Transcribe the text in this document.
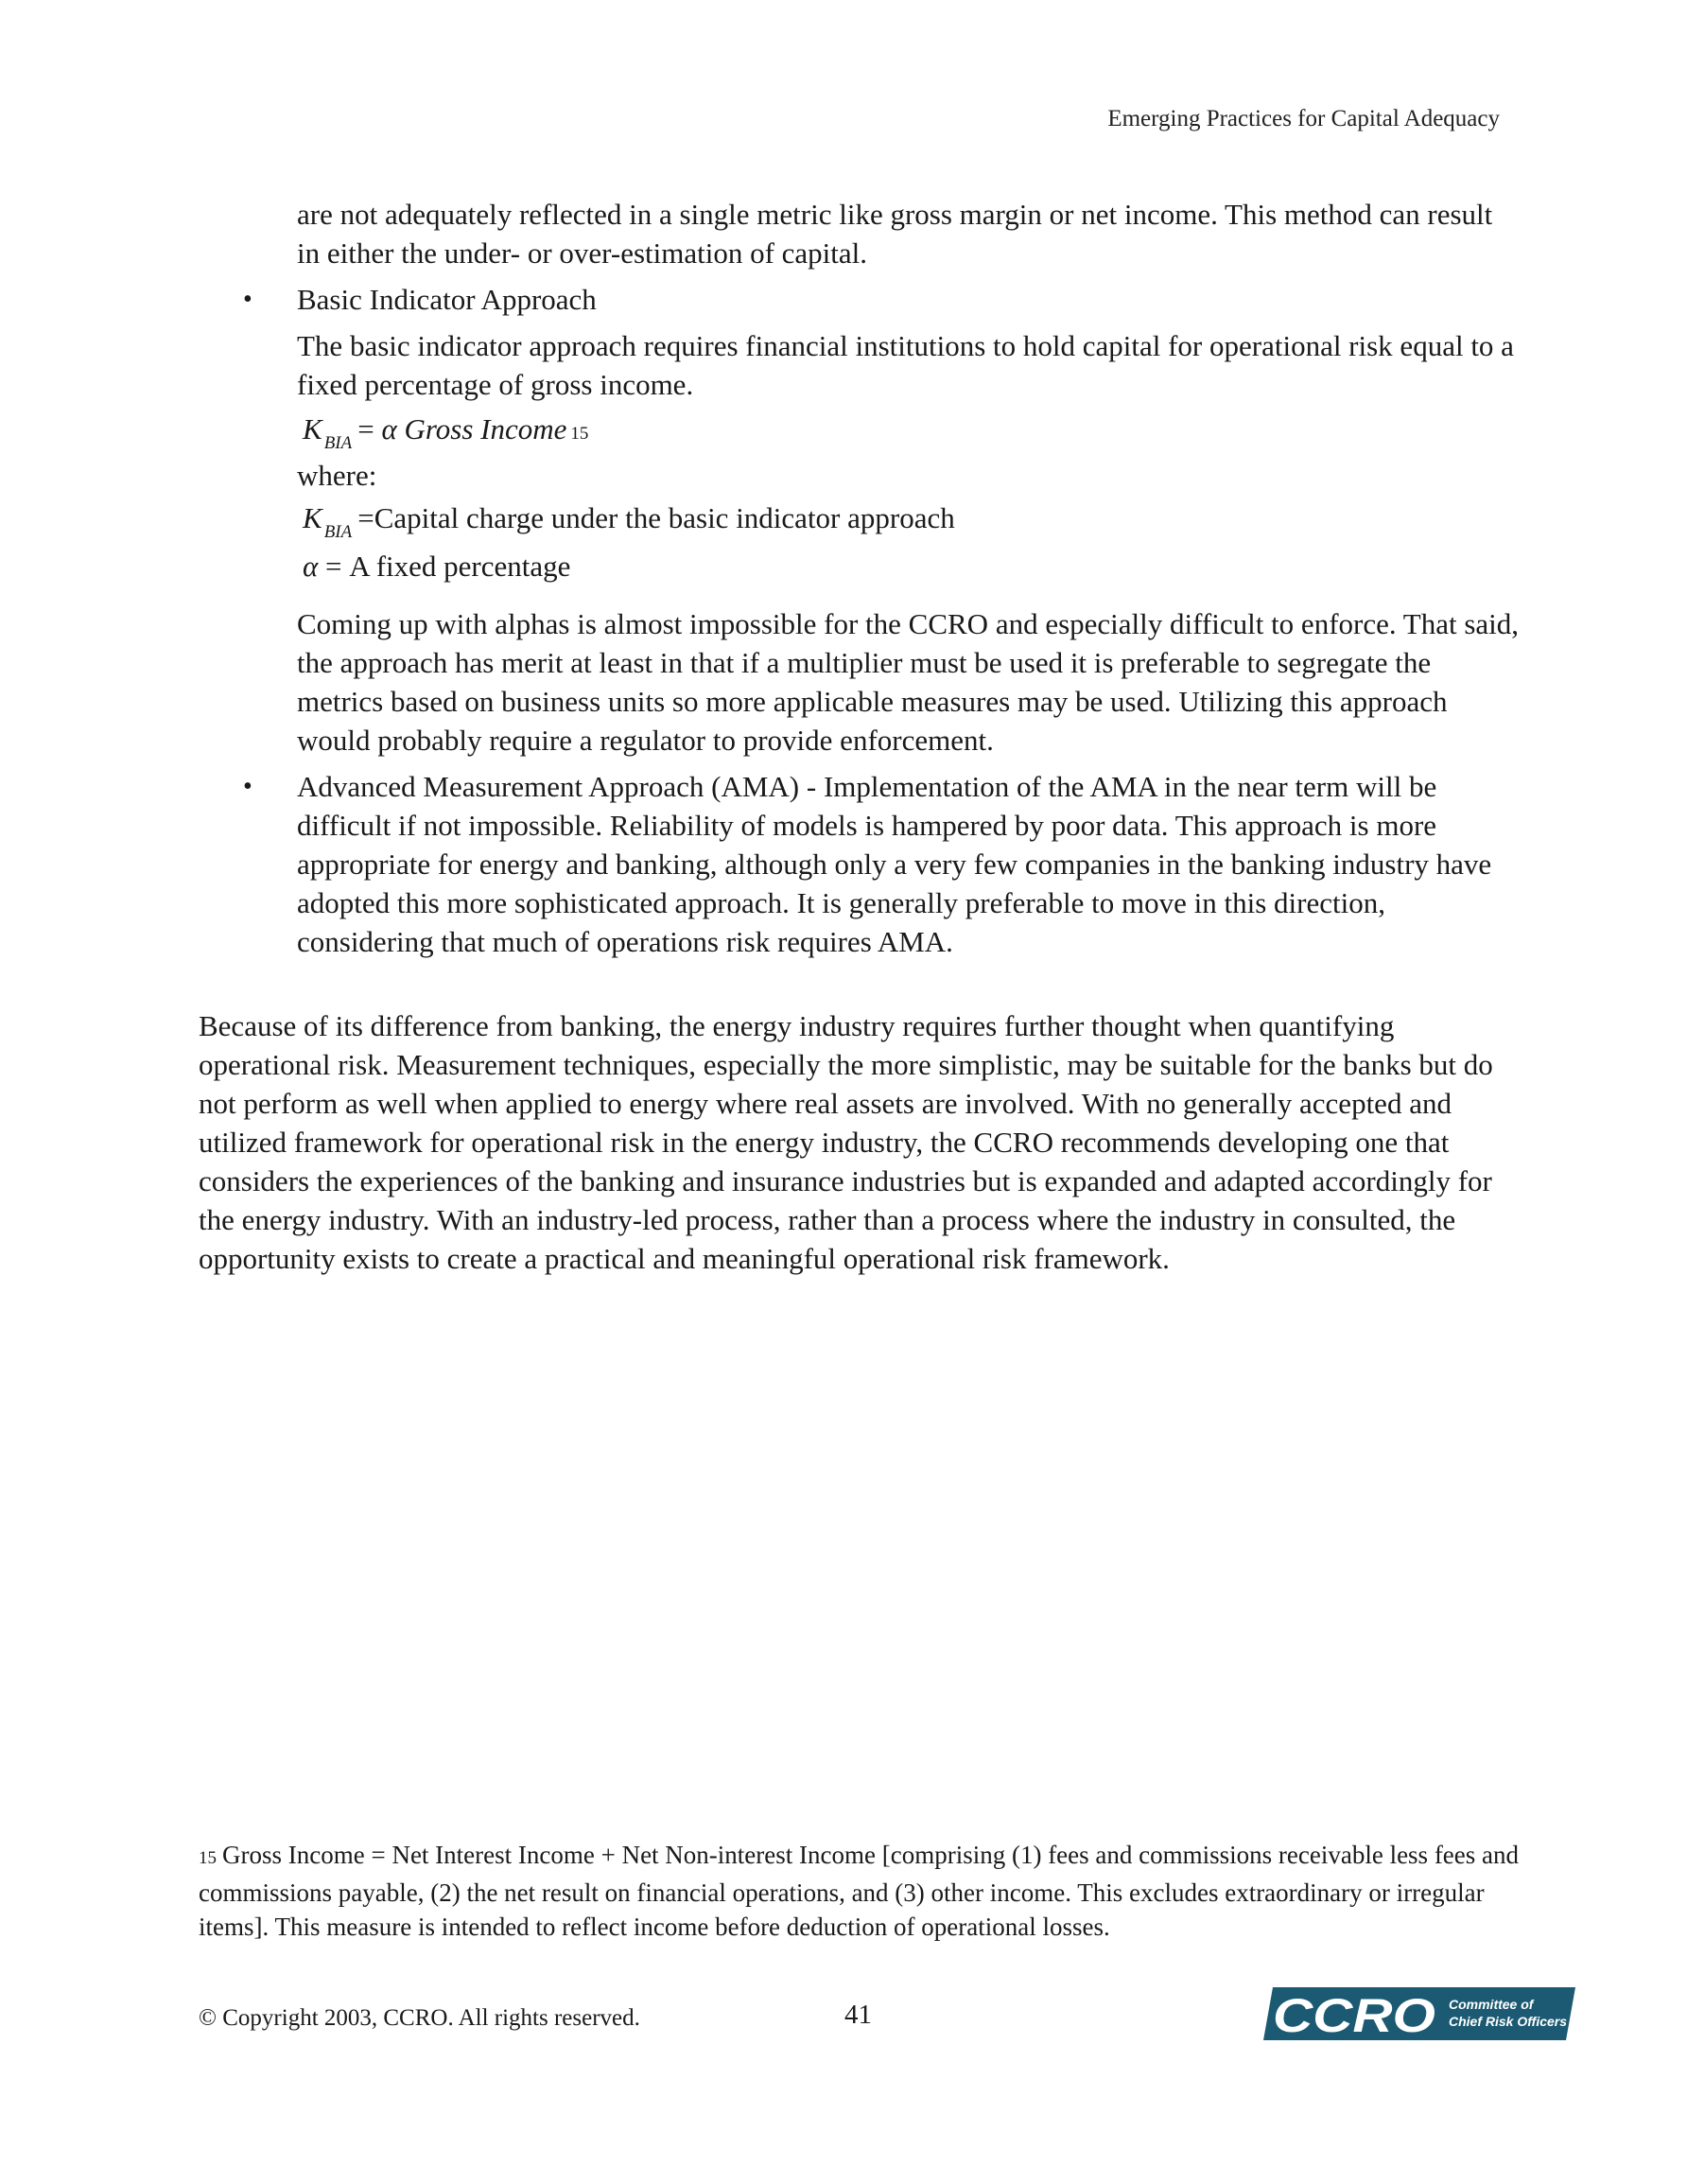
Emerging Practices for Capital Adequacy

are not adequately reflected in a single metric like gross margin or net income. This method can result in either the under- or over-estimation of capital.

• Basic Indicator Approach

The basic indicator approach requires financial institutions to hold capital for operational risk equal to a fixed percentage of gross income.

K $_{BIA}$ = α Gross Income 15

where:

K $_{BIA}$ =Capital charge under the basic indicator approach
α = A fixed percentage

Coming up with alphas is almost impossible for the CCRO and especially difficult to enforce. That said, the approach has merit at least in that if a multiplier must be used it is preferable to segregate the metrics based on business units so more applicable measures may be used. Utilizing this approach would probably require a regulator to provide enforcement.

• Advanced Measurement Approach (AMA) - Implementation of the AMA in the near term will be difficult if not impossible. Reliability of models is hampered by poor data. This approach is more appropriate for energy and banking, although only a very few companies in the banking industry have adopted this more sophisticated approach. It is generally preferable to move in this direction, considering that much of operations risk requires AMA.

Because of its difference from banking, the energy industry requires further thought when quantifying operational risk. Measurement techniques, especially the more simplistic, may be suitable for the banks but do not perform as well when applied to energy where real assets are involved. With no generally accepted and utilized framework for operational risk in the energy industry, the CCRO recommends developing one that considers the experiences of the banking and insurance industries but is expanded and adapted accordingly for the energy industry. With an industry-led process, rather than a process where the industry in consulted, the opportunity exists to create a practical and meaningful operational risk framework.

15 Gross Income = Net Interest Income + Net Non-interest Income [comprising (1) fees and commissions receivable less fees and commissions payable, (2) the net result on financial operations, and (3) other income. This excludes extraordinary or irregular items]. This measure is intended to reflect income before deduction of operational losses.
© Copyright 2003, CCRO. All rights reserved.	41	CCRO Committee of
Chief Risk Officers
